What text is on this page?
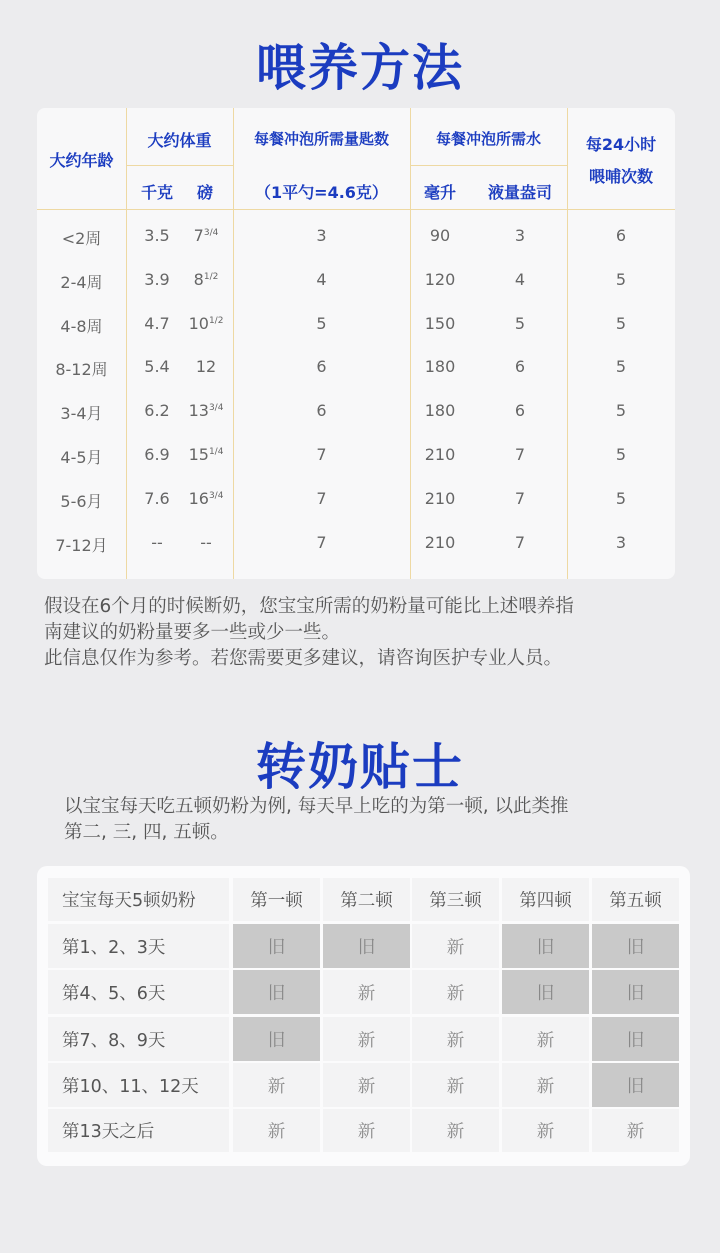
喂养方法
大约年龄
大约体重
千克	磅
每餐冲泡所需量匙数
（1平勺=4.6克）
每餐冲泡所需水
毫升	液量盎司
每24小时
喂哺次数
<2周	3.5	$7^{3/4}$	3	90	3	6
2-4周	3.9	$8^{1/2}$	4	120	4	5
4-8周	4.7	$10^{1/2}$	5	150	5	5
8-12周	5.4	12	6	180	6	5
3-4月	6.2	$13^{3/4}$	6	180	6	5
4-5月	6.9	$15^{1/4}$	7	210	7	5
5-6月	7.6	$16^{3/4}$	7	210	7	5
7-12月	--	--	7	210	7	3
假设在6个月的时候断奶，您宝宝所需的奶粉量可能比上述喂养指
南建议的奶粉量要多一些或少一些。
此信息仅作为参考。若您需要更多建议，请咨询医护专业人员。
转奶贴士
以宝宝每天吃五顿奶粉为例, 每天早上吃的为第一顿, 以此类推
第二, 三, 四, 五顿。
宝宝每天5顿奶粉	第一顿	第二顿	第三顿	第四顿	第五顿
第1、2、3天	旧	旧	新	旧	旧
第4、5、6天	旧	新	新	旧	旧
第7、8、9天	旧	新	新	新	旧
第10、11、12天	新	新	新	新	旧
第13天之后	新	新	新	新	新
